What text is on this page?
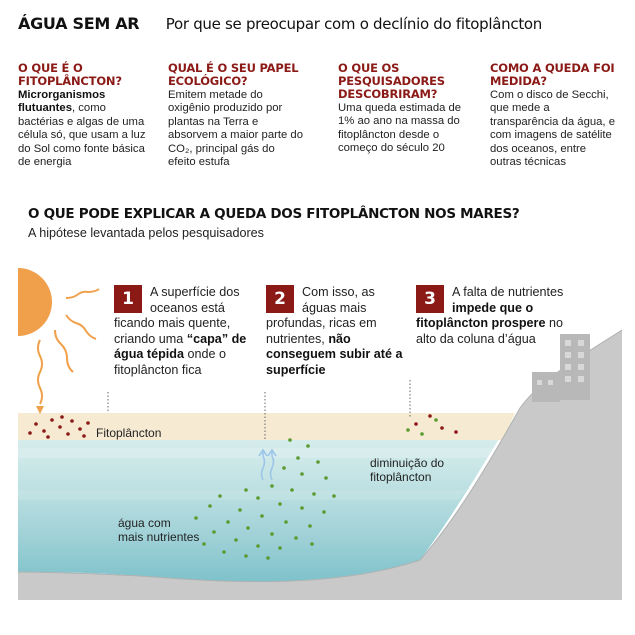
ÁGUA SEM AR Por que se preocupar com o declínio do fitoplâncton
O QUE É O FITOPLÂNCTON?
Microrganismos flutuantes, como bactérias e algas de uma célula só, que usam a luz do Sol como fonte básica de energia
QUAL É O SEU PAPEL ECOLÓGICO?
Emitem metade do oxigênio produzido por plantas na Terra e absorvem a maior parte do CO₂, principal gás do efeito estufa
O QUE OS PESQUISADORES DESCOBRIRAM?
Uma queda estimada de 1% ao ano na massa do fitoplâncton desde o começo do século 20
COMO A QUEDA FOI MEDIDA?
Com o disco de Secchi, que mede a transparência da água, e com imagens de satélite dos oceanos, entre outras técnicas
O QUE PODE EXPLICAR A QUEDA DOS FITOPLÂNCTON NOS MARES?
A hipótese levantada pelos pesquisadores
1	A superfície dos oceanos está ficando mais quente, criando uma “capa” de água tépida onde o fitoplâncton fica
2	Com isso, as águas mais profundas, ricas em nutrientes, não conseguem subir até a superfície
3	A falta de nutrientes impede que o fitoplâncton prospere no alto da coluna d’água
Fitoplâncton
água com
mais nutrientes
diminuição do
fitoplâncton
